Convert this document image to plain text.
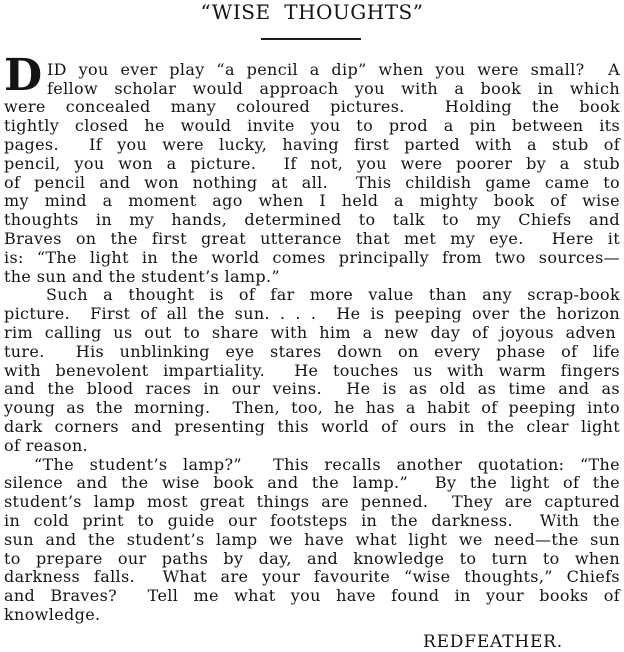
“WISE  THOUGHTS”
D ID you ever play “a pencil a dip” when you were small?  A
fellow scholar would approach you with a book in which
were concealed many coloured pictures.  Holding the book
tightly closed he would invite you to prod a pin between its
pages.  If you were lucky, having first parted with a stub of
pencil, you won a picture.  If not, you were poorer by a stub
of pencil and won nothing at all.  This childish game came to
my mind a moment ago when I held a mighty book of wise
thoughts in my hands, determined to talk to my Chiefs and
Braves on the first great utterance that met my eye.  Here it
is: “The light in the world comes principally from two sources—
the sun and the student’s lamp.”
Such a thought is of far more value than any scrap-book
picture.  First of all the sun. . . .  He is peeping over the horizon
rim calling us out to share with him a new day of joyous adven
ture.  His unblinking eye stares down on every phase of life
with benevolent impartiality.  He touches us with warm fingers
and the blood races in our veins.  He is as old as time and as
young as the morning.  Then, too, he has a habit of peeping into
dark corners and presenting this world of ours in the clear light
of reason.
“The student’s lamp?”  This recalls another quotation: “The
silence and the wise book and the lamp.”  By the light of the
student’s lamp most great things are penned.  They are captured
in cold print to guide our footsteps in the darkness.  With the
sun and the student’s lamp we have what light we need—the sun
to prepare our paths by day, and knowledge to turn to when
darkness falls.  What are your favourite “wise thoughts,” Chiefs
and Braves?  Tell me what you have found in your books of
knowledge.
REDFEATHER.
